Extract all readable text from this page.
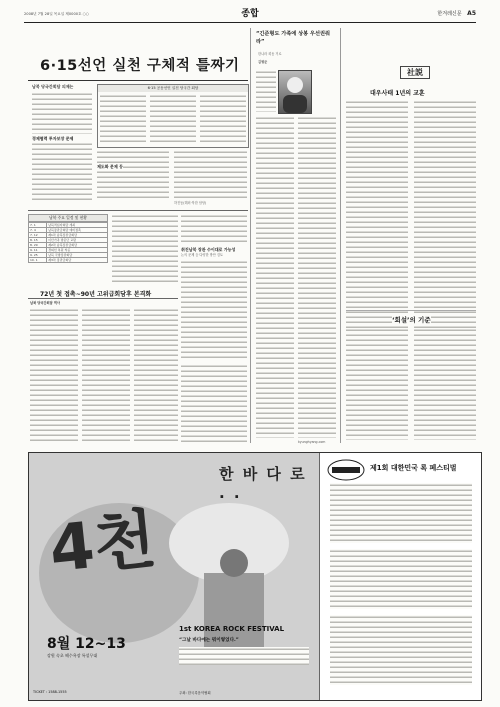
2008년 7월 28일 목요일 제0000호 ○○	종합	한겨레신문 A5
6·15선언 실천 구체적 틀짜기
남북 당국간회담 의제는
경제협력 투자보장 문제
6·15 공동선언 실천 당국간 회담
제도화 문제 등
하진동(해외·북한 담당)
남북 주요 일정 및 현황
7. 1	남북적십자회담 개최
7. 4	남북장관급회담 예비접촉
7. 12	제1차 남북장관급회담
8. 15	이산가족 방문단 교환
8. 29	제2차 남북장관급회담
9. 11	경의선 복원 착공
9. 25	남북 국방장관회담
10. 1	제3차 장관급회담
취진남북 장관 수이대로 가능성
논의 문제 등 다양한 방안 검토
72년 첫 접촉~90년 고위급회담후 본격화
남북 당국간회담 역사
“긴준형도 가족에 상봉 우선권줘라”
한나라 회동 거로
김형준
kyunghyang.com
社説
대우사태 1년의 교훈
‘회설’의 기준
4천
한 바 다 로 . .
8월 12~13
강원 속초 해수욕장 특설무대
1st KOREA ROCK FESTIVAL
“그날 바다에는 뭐이렇었다.”
TICKET : 1588-1555	주최: 한국록음악협회
제1회 대한민국 록 페스티벌
